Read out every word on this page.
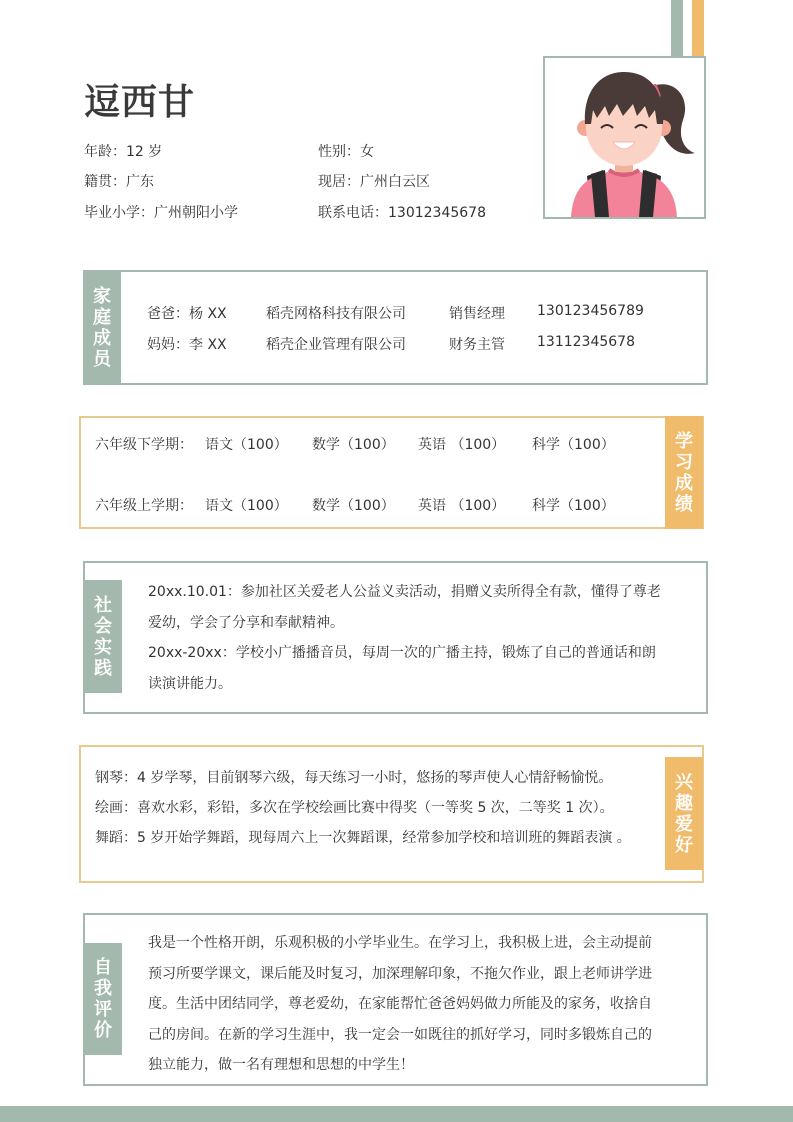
逗西甘
年龄：12 岁	性别：女
籍贯：广东	现居：广州白云区
毕业小学：广州朝阳小学	联系电话：13012345678
家
庭
成
员
爸爸：杨 XX	稻壳网格科技有限公司	销售经理 130123456789
妈妈：李 XX	稻壳企业管理有限公司	财务主管 13112345678
学
习
成
绩
六年级下学期： 语文（100） 数学（100） 英语 （100） 科学（100）
六年级上学期： 语文（100） 数学（100） 英语 （100） 科学（100）
社
会
实
践

20xx.10.01：参加社区关爱老人公益义卖活动，捐赠义卖所得全有款，懂得了尊老

爱幼，学会了分享和奉献精神。

20xx-20xx：学校小广播播音员，每周一次的广播主持，锻炼了自己的普通话和朗

读演讲能力。

兴
趣
爱
好

钢琴：4 岁学琴，目前钢琴六级，每天练习一小时，悠扬的琴声使人心情舒畅愉悦。

绘画：喜欢水彩，彩铅，多次在学校绘画比赛中得奖（一等奖 5 次，二等奖 1 次）。

舞蹈：5 岁开始学舞蹈，现每周六上一次舞蹈课，经常参加学校和培训班的舞蹈表演 。

自
我
评
价

我是一个性格开朗，乐观积极的小学毕业生。在学习上，我积极上进，会主动提前

预习所要学课文，课后能及时复习，加深理解印象，不拖欠作业，跟上老师讲学进

度。生活中团结同学，尊老爱幼，在家能帮忙爸爸妈妈做力所能及的家务，收捨自

己的房间。在新的学习生涯中，我一定会一如既往的抓好学习，同时多锻炼自己的

独立能力，做一名有理想和思想的中学生！
